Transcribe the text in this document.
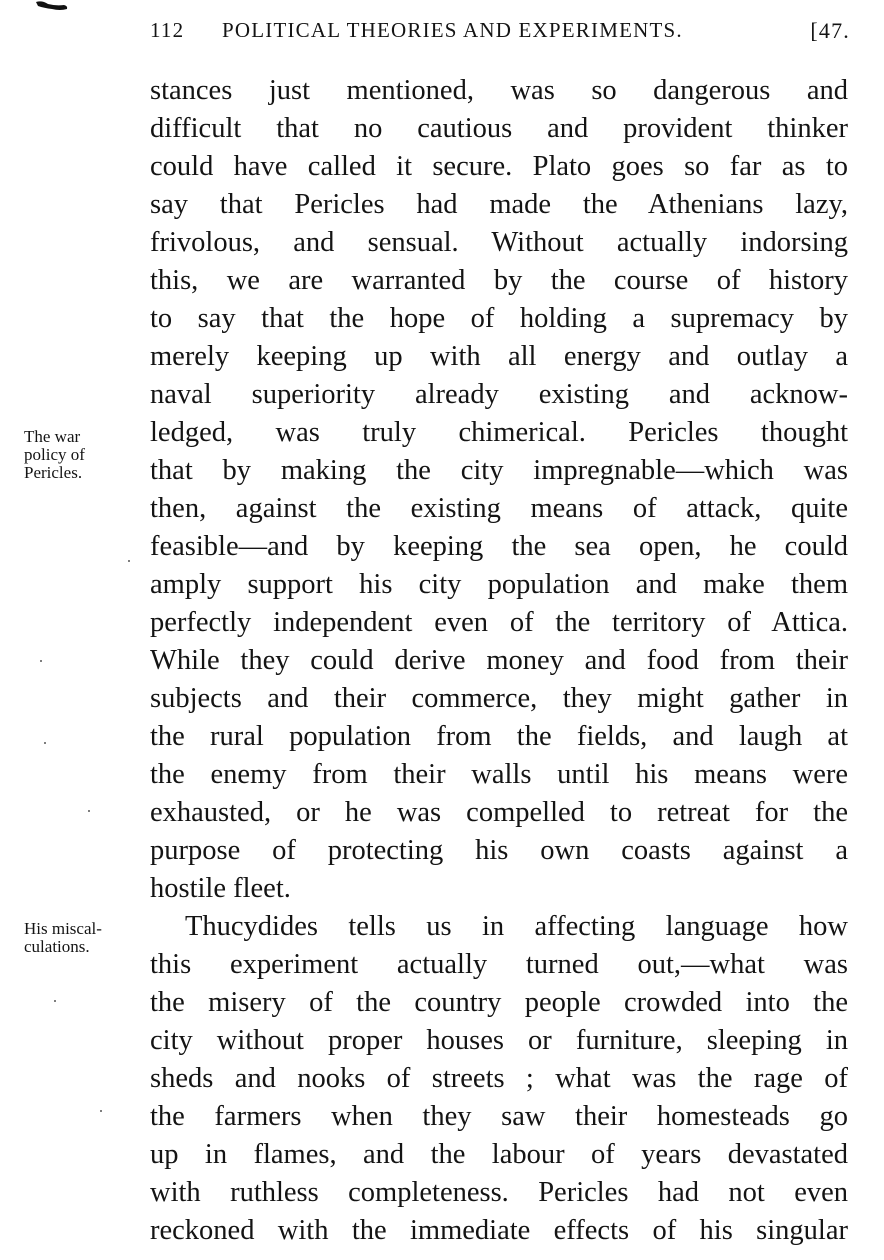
112 POLITICAL THEORIES AND EXPERIMENTS.	[47.
The war
policy of
Pericles.
His miscal-
culations.
stances just mentioned, was so dangerous and
difficult that no cautious and provident thinker
could have called it secure. Plato goes so far as to
say that Pericles had made the Athenians lazy,
frivolous, and sensual. Without actually indorsing
this, we are warranted by the course of history
to say that the hope of holding a supremacy by
merely keeping up with all energy and outlay a
naval superiority already existing and acknow-
ledged, was truly chimerical. Pericles thought
that by making the city impregnable—which was
then, against the existing means of attack, quite
feasible—and by keeping the sea open, he could
amply support his city population and make them
perfectly independent even of the territory of Attica.
While they could derive money and food from their
subjects and their commerce, they might gather in
the rural population from the fields, and laugh at
the enemy from their walls until his means were
exhausted, or he was compelled to retreat for the
purpose of protecting his own coasts against a
hostile fleet.
Thucydides tells us in affecting language how
this experiment actually turned out,—what was
the misery of the country people crowded into the
city without proper houses or furniture, sleeping in
sheds and nooks of streets ; what was the rage of
the farmers when they saw their homesteads go
up in flames, and the labour of years devastated
with ruthless completeness. Pericles had not even
reckoned with the immediate effects of his singular
